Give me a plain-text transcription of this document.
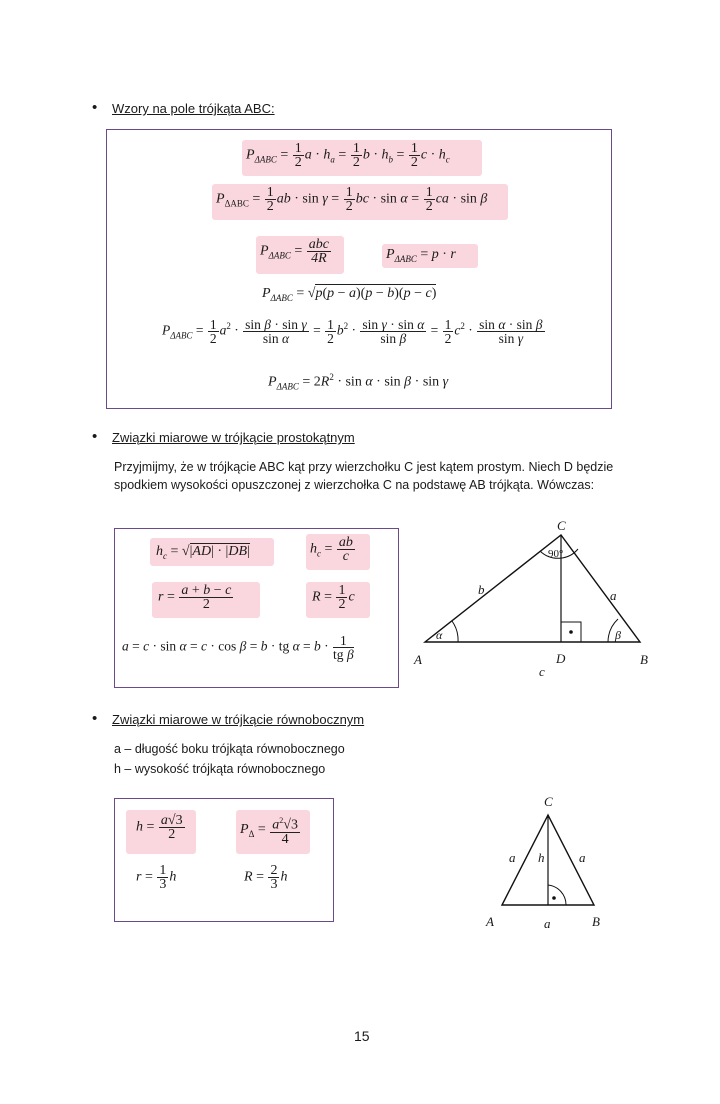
• Wzory na pole trójkąta ABC:
$P_{\Delta ABC} = \frac{1}{2}$ $a \cdot h_a = \frac{1}{2}$ $b \cdot h_b = \frac{1}{2}$ $c \cdot h_c$
$P_{\Delta ABC} = \frac{1}{2}$ ab · $\sin \gamma = \frac{1}{2}$ bc · $\sin \alpha = \frac{1}{2}$ ca · sin β
$P_{\Delta ABC} = \frac{\text{abc}}{4R}$	$P_{\Delta ABC} = p \cdot r$
$P_{\Delta ABC} = √p(p - a)(p - b)(p - c)$
$P_{\Delta ABC} = \frac{1}{2} a^2 \cdot \frac{\text{sin β · sin γ}}{\text{sin α}} = \frac{1}{2} b^2 \cdot \frac{\text{sin γ · sin α}}{\text{sin β}} = \frac{1}{2} c^2 \cdot \frac{\text{sin α · sin β}}{\text{sin γ}}$
$P_{\Delta ABC} = 2R^2 \cdot \sin \alpha \cdot \sin \beta \cdot \sin \gamma$
• Związki miarowe w trójkącie prostokątnym
Przyjmijmy, że w trójkącie ABC kąt przy wierzchołku C jest kątem prostym. Niech D będzie spodkiem wysokości opuszczonej z wierzchołka C na podstawę AB trójkąta. Wówczas:
$h_c = √|AD| \cdot |DB|$	$h_c = \frac{ab}{c}$
$r = \frac{a + b - c}{2}$	$R = \frac{1}{2}$ c
a = c · sin α = c · cos β = b · tg $\alpha = b \cdot \frac{1}{\text{tg β}}$
C
90°
b	a
α	β
A	D	B
c
• Związki miarowe w trójkącie równobocznym
a – długość boku trójkąta równobocznego
h – wysokość trójkąta równobocznego
$h = \frac{a√3}{2}$	$P_\Delta = \frac{a^2√3}{4}$
$r = \frac{1}{3}$ h	$R = \frac{2}{3}$ h
C
a h	a
A	a	B
15
